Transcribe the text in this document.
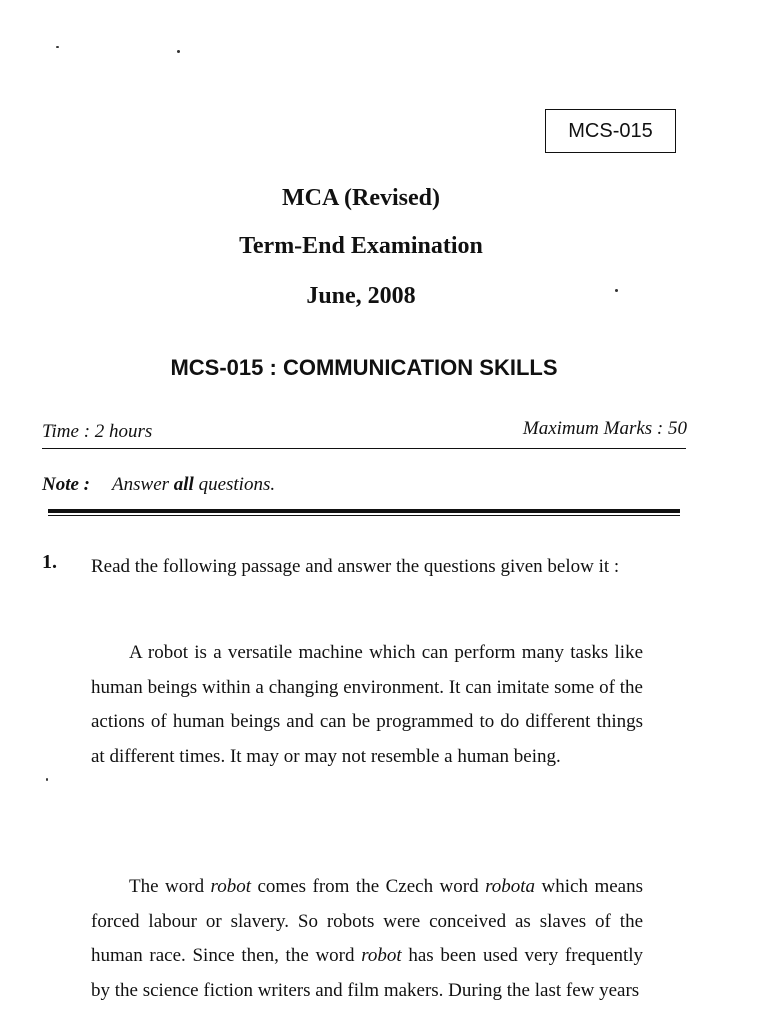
MCS-015
MCA (Revised)
Term-End Examination
June, 2008
MCS-015 : COMMUNICATION SKILLS
Time : 2 hours	Maximum Marks : 50
Note : Answer all questions.
1. Read the following passage and answer the questions given below it :

A robot is a versatile machine which can perform many tasks like human beings within a changing environment. It can imitate some of the actions of human beings and can be programmed to do different things at different times. It may or may not resemble a human being.

The word robot comes from the Czech word robota which means forced labour or slavery. So robots were conceived as slaves of the human race. Since then, the word robot has been used very frequently by the science fiction writers and film makers. During the last few years
